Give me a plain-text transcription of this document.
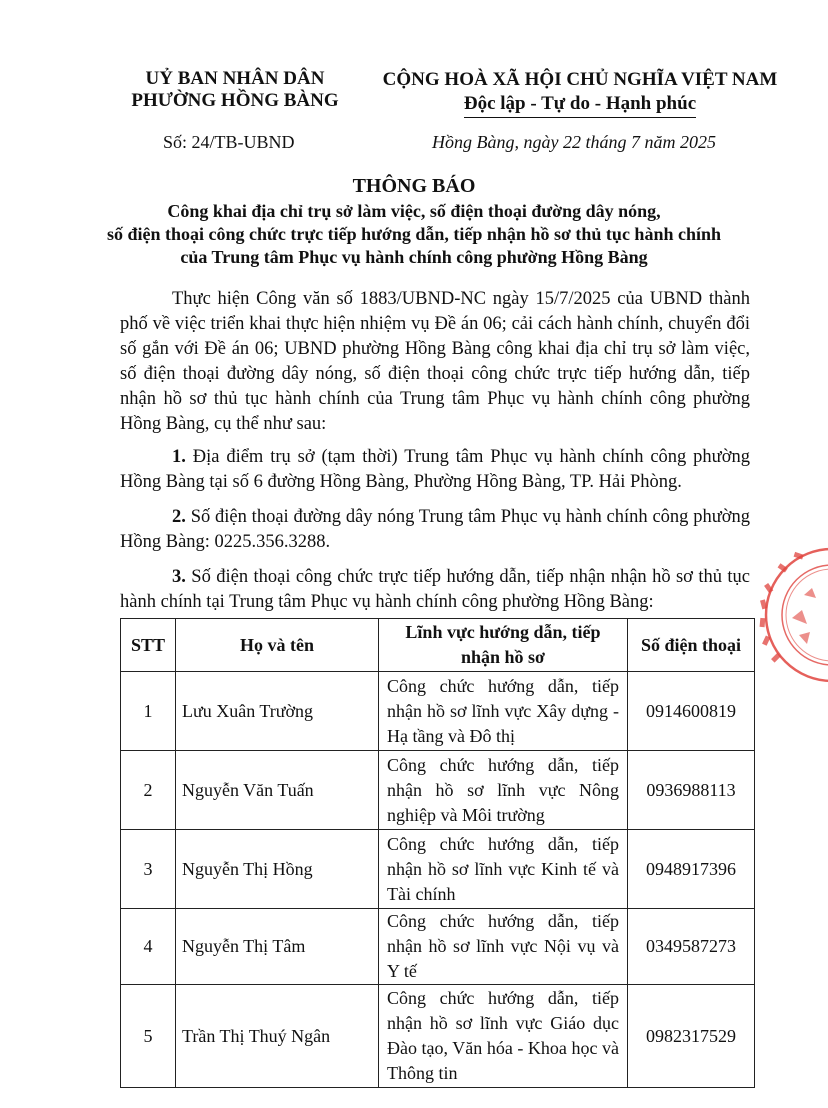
UỶ BAN NHÂN DÂN
PHƯỜNG HỒNG BÀNG
CỘNG HOÀ XÃ HỘI CHỦ NGHĨA VIỆT NAM
Độc lập - Tự do - Hạnh phúc
Số: 24/TB-UBND	Hồng Bàng, ngày 22 tháng 7 năm 2025
THÔNG BÁO
Công khai địa chỉ trụ sở làm việc, số điện thoại đường dây nóng,
số điện thoại công chức trực tiếp hướng dẫn, tiếp nhận hồ sơ thủ tục hành chính
của Trung tâm Phục vụ hành chính công phường Hồng Bàng

Thực hiện Công văn số 1883/UBND-NC ngày 15/7/2025 của UBND thành phố về việc triển khai thực hiện nhiệm vụ Đề án 06; cải cách hành chính, chuyển đổi số gắn với Đề án 06; UBND phường Hồng Bàng công khai địa chỉ trụ sở làm việc, số điện thoại đường dây nóng, số điện thoại công chức trực tiếp hướng dẫn, tiếp nhận hồ sơ thủ tục hành chính của Trung tâm Phục vụ hành chính công phường Hồng Bàng, cụ thể như sau:

1. Địa điểm trụ sở (tạm thời) Trung tâm Phục vụ hành chính công phường Hồng Bàng tại số 6 đường Hồng Bàng, Phường Hồng Bàng, TP. Hải Phòng.

2. Số điện thoại đường dây nóng Trung tâm Phục vụ hành chính công phường Hồng Bàng: 0225.356.3288.

3. Số điện thoại công chức trực tiếp hướng dẫn, tiếp nhận nhận hồ sơ thủ tục hành chính tại Trung tâm Phục vụ hành chính công phường Hồng Bàng:

STT	Họ và tên	Lĩnh vực hướng dẫn, tiếp nhận hồ sơ	Số điện thoại
1	Lưu Xuân Trường	Công chức hướng dẫn, tiếp nhận hồ sơ lĩnh vực Xây dựng - Hạ tầng và Đô thị	0914600819
2	Nguyễn Văn Tuấn	Công chức hướng dẫn, tiếp nhận hồ sơ lĩnh vực Nông nghiệp và Môi trường	0936988113
3	Nguyễn Thị Hồng	Công chức hướng dẫn, tiếp nhận hồ sơ lĩnh vực Kinh tế và Tài chính	0948917396
4	Nguyễn Thị Tâm	Công chức hướng dẫn, tiếp nhận hồ sơ lĩnh vực Nội vụ và Y tế	0349587273
5	Trần Thị Thuý Ngân	Công chức hướng dẫn, tiếp nhận hồ sơ lĩnh vực Giáo dục Đào tạo, Văn hóa - Khoa học và Thông tin	0982317529
